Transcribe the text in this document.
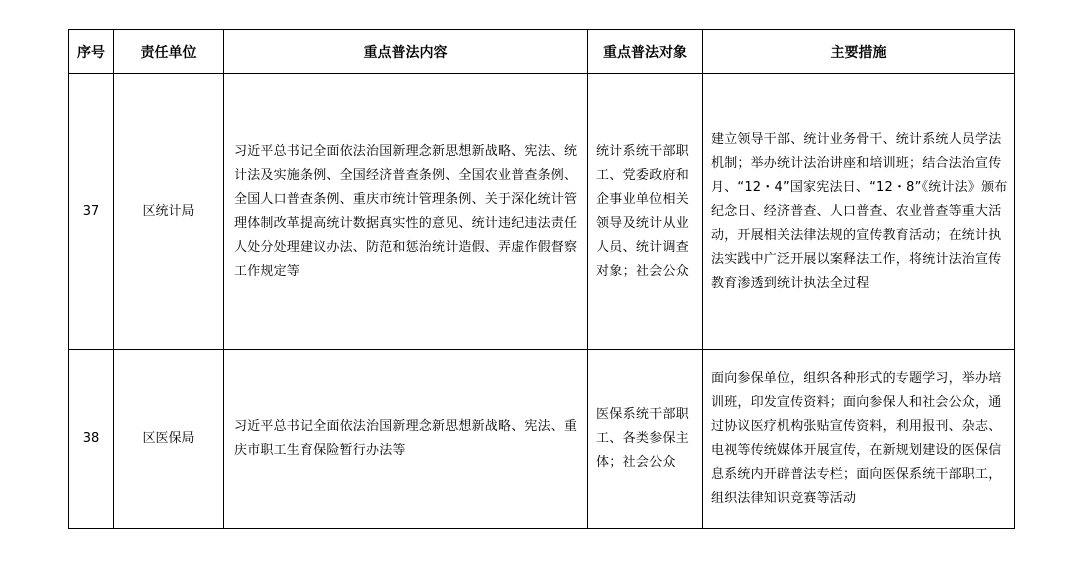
序号	责任单位	重点普法内容	重点普法对象	主要措施
37	区统计局	习近平总书记全面依法治国新理念新思想新战略、宪法、统计法及实施条例、全国经济普查条例、全国农业普查条例、全国人口普查条例、重庆市统计管理条例、关于深化统计管理体制改革提高统计数据真实性的意见、统计违纪违法责任人处分处理建议办法、防范和惩治统计造假、弄虚作假督察工作规定等	统计系统干部职工、党委政府和企事业单位相关领导及统计从业人员、统计调查对象；社会公众	建立领导干部、统计业务骨干、统计系统人员学法机制；举办统计法治讲座和培训班；结合法治宣传月、“12・4”国家宪法日、“12・8”《统计法》颁布纪念日、经济普查、人口普查、农业普查等重大活动，开展相关法律法规的宣传教育活动；在统计执法实践中广泛开展以案释法工作，将统计法治宣传教育渗透到统计执法全过程
38	区医保局	习近平总书记全面依法治国新理念新思想新战略、宪法、重庆市职工生育保险暂行办法等	医保系统干部职工、各类参保主体；社会公众	面向参保单位，组织各种形式的专题学习，举办培训班，印发宣传资料；面向参保人和社会公众，通过协议医疗机构张贴宣传资料，利用报刊、杂志、电视等传统媒体开展宣传，在新规划建设的医保信息系统内开辟普法专栏；面向医保系统干部职工，组织法律知识竞赛等活动
